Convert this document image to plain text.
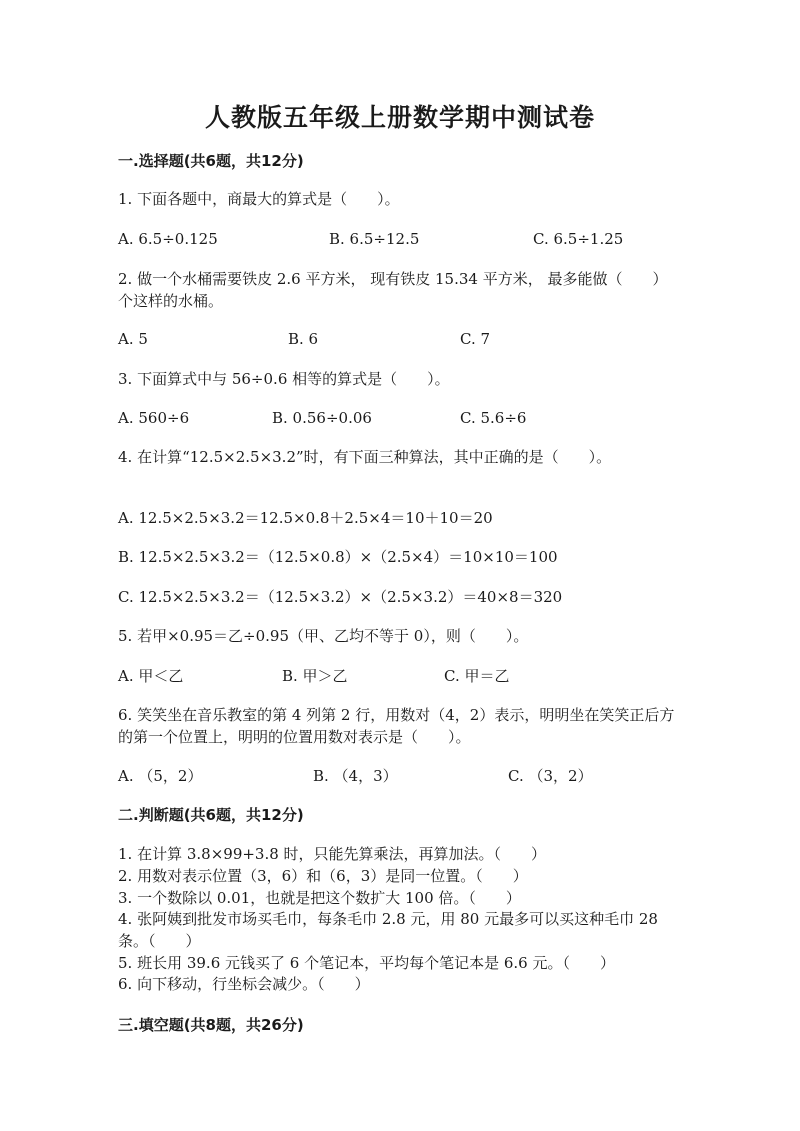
人教版五年级上册数学期中测试卷
一.选择题(共6题，共12分)
1. 下面各题中，商最大的算式是（　　）。
A. 6.5÷0.125	B. 6.5÷12.5	C. 6.5÷1.25
2. 做一个水桶需要铁皮 2.6 平方米， 现有铁皮 15.34 平方米， 最多能做（　　）个这样的水桶。
A. 5	B. 6	C. 7
3. 下面算式中与 56÷0.6 相等的算式是（　　）。
A. 560÷6	B. 0.56÷0.06	C. 5.6÷6
4. 在计算“12.5×2.5×3.2”时，有下面三种算法，其中正确的是（　　）。
A. 12.5×2.5×3.2＝12.5×0.8＋2.5×4＝10＋10＝20
B. 12.5×2.5×3.2＝（12.5×0.8）×（2.5×4）＝10×10＝100
C. 12.5×2.5×3.2＝（12.5×3.2）×（2.5×3.2）＝40×8＝320
5. 若甲×0.95＝乙÷0.95（甲、乙均不等于 0），则（　　）。
A. 甲＜乙	B. 甲＞乙	C. 甲＝乙
6. 笑笑坐在音乐教室的第 4 列第 2 行，用数对（4，2）表示，明明坐在笑笑正后方的第一个位置上，明明的位置用数对表示是（　　）。
A. （5，2）	B. （4，3）	C. （3，2）
二.判断题(共6题，共12分)
1. 在计算 3.8×99+3.8 时，只能先算乘法，再算加法。（　　）
2. 用数对表示位置（3，6）和（6，3）是同一位置。（　　）
3. 一个数除以 0.01，也就是把这个数扩大 100 倍。（　　）
4. 张阿姨到批发市场买毛巾，每条毛巾 2.8 元，用 80 元最多可以买这种毛巾 28 条。（　　）
5. 班长用 39.6 元钱买了 6 个笔记本，平均每个笔记本是 6.6 元。（　　）
6. 向下移动，行坐标会减少。（　　）
三.填空题(共8题，共26分)
